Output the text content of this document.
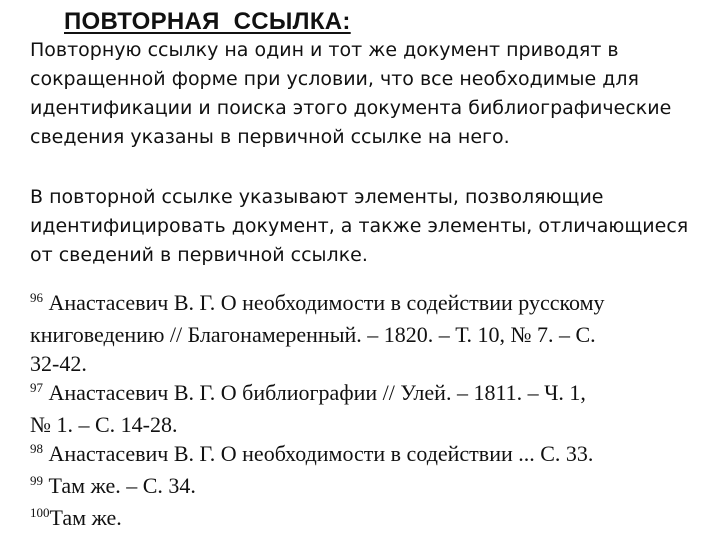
ПОВТОРНАЯ  ССЫЛКА:
Повторную ссылку на один и тот же документ приводят в
сокращенной форме при условии, что все необходимые для
идентификации и поиска этого документа библиографические
сведения указаны в первичной ссылке на него.
В повторной ссылке указывают элементы, позволяющие
идентифицировать документ, а также элементы, отличающиеся
от сведений в первичной ссылке.
$^{96}$ Анастасевич В. Г. О необходимости в содействии русскому
книговедению // Благонамеренный. – 1820. – Т. 10, № 7. – С.
32-42.
$^{97}$ Анастасевич В. Г. О библиографии // Улей. – 1811. – Ч. 1,
№ 1. – С. 14-28.
$^{98}$ Анастасевич В. Г. О необходимости в содействии ... С. 33.
$^{99}$ Там же. – С. 34.
$^{100}$Там же.
